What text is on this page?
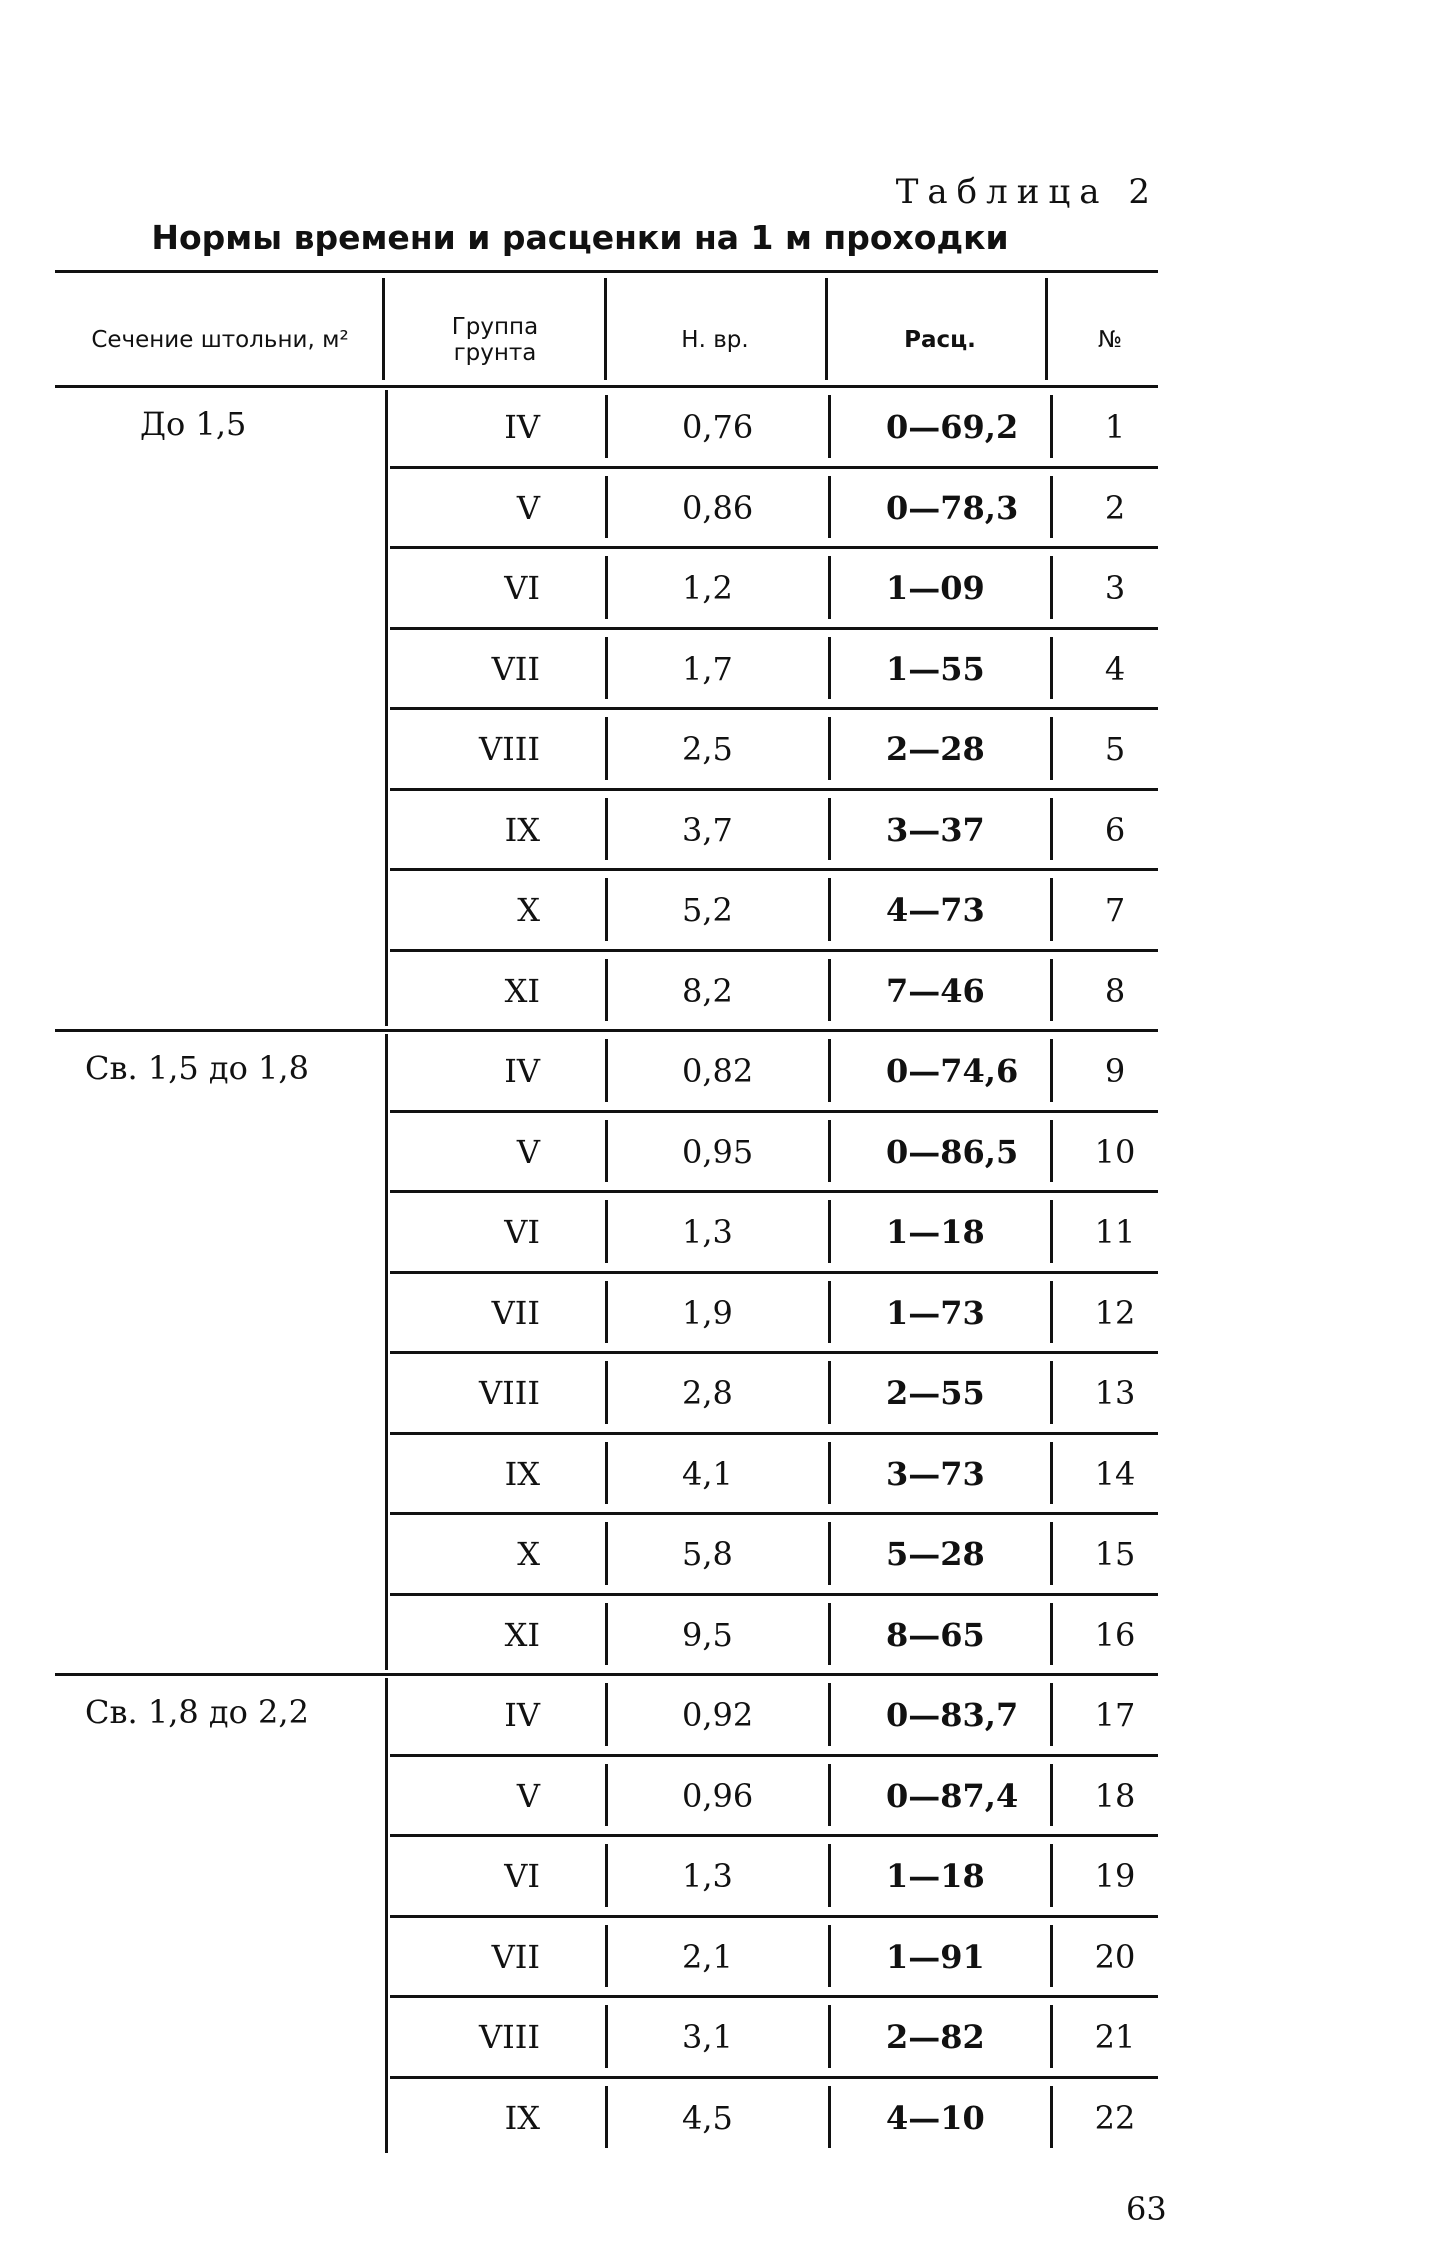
Таблица 2
Нормы времени и расценки на 1 м проходки
Сечение штольни, м²	Группа грунта	Н. вр.	Расц.	№
До 1,5	IV	0,76	0—69,2	1
V	0,86	0—78,3	2
VI	1,2	1—09	3
VII	1,7	1—55	4
VIII	2,5	2—28	5
IX	3,7	3—37	6
X	5,2	4—73	7
XI	8,2	7—46	8
Св. 1,5 до 1,8	IV	0,82	0—74,6	9
V	0,95	0—86,5	10
VI	1,3	1—18	11
VII	1,9	1—73	12
VIII	2,8	2—55	13
IX	4,1	3—73	14
X	5,8	5—28	15
XI	9,5	8—65	16
Св. 1,8 до 2,2	IV	0,92	0—83,7	17
V	0,96	0—87,4	18
VI	1,3	1—18	19
VII	2,1	1—91	20
VIII	3,1	2—82	21
IX	4,5	4—10	22
63
